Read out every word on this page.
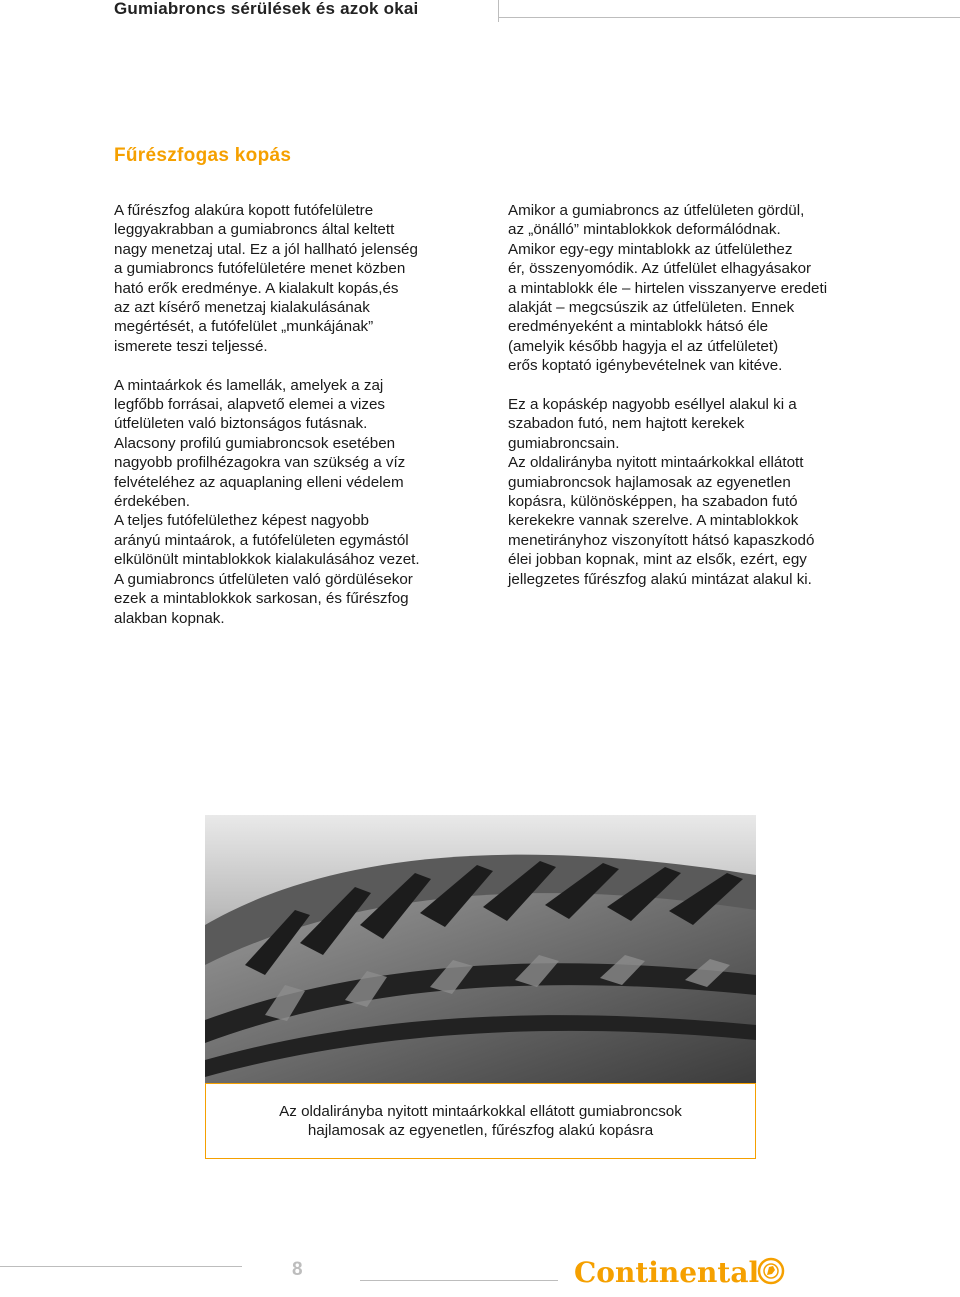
Gumiabroncs sérülések és azok okai
Fűrészfogas kopás

A fűrészfog alakúra kopott futófelületre
leggyakrabban a gumiabroncs által keltett
nagy menetzaj utal. Ez a jól hallható jelenség
a gumiabroncs futófelületére menet közben
ható erők eredménye. A kialakult kopás,és
az azt kísérő menetzaj kialakulásának
megértését, a futófelület „munkájának”
ismerete teszi teljessé.

A mintaárkok és lamellák, amelyek a zaj
legfőbb forrásai, alapvető elemei a vizes
útfelületen való biztonságos futásnak.
Alacsony profilú gumiabroncsok esetében
nagyobb profilhézagokra van szükség a víz
felvételéhez az aquaplaning elleni védelem
érdekében.
A teljes futófelülethez képest nagyobb
arányú mintaárok, a futófelületen egymástól
elkülönült mintablokkok kialakulásához vezet.
A gumiabroncs útfelületen való gördülésekor
ezek a mintablokkok sarkosan, és fűrészfog
alakban kopnak.

Amikor a gumiabroncs az útfelületen gördül,
az „önálló” mintablokkok deformálódnak.
Amikor egy-egy mintablokk az útfelülethez
ér, összenyomódik. Az útfelület elhagyásakor
a mintablokk éle – hirtelen visszanyerve eredeti
alakját – megcsúszik az útfelületen. Ennek
eredményeként a mintablokk hátsó éle
(amelyik később hagyja el az útfelületet)
erős koptató igénybevételnek van kitéve.

Ez a kopáskép nagyobb eséllyel alakul ki a
szabadon futó, nem hajtott kerekek
gumiabroncsain.
Az oldalirányba nyitott mintaárkokkal ellátott
gumiabroncsok hajlamosak az egyenetlen
kopásra, különösképpen, ha szabadon futó
kerekekre vannak szerelve. A mintablokkok
menetirányhoz viszonyított hátsó kapaszkodó
élei jobban kopnak, mint az elsők, ezért, egy
jellegzetes fűrészfog alakú mintázat alakul ki.

Az oldalirányba nyitott mintaárkokkal ellátott gumiabroncsok
hajlamosak az egyenetlen, fűrészfog alakú kopásra
8	Continental
